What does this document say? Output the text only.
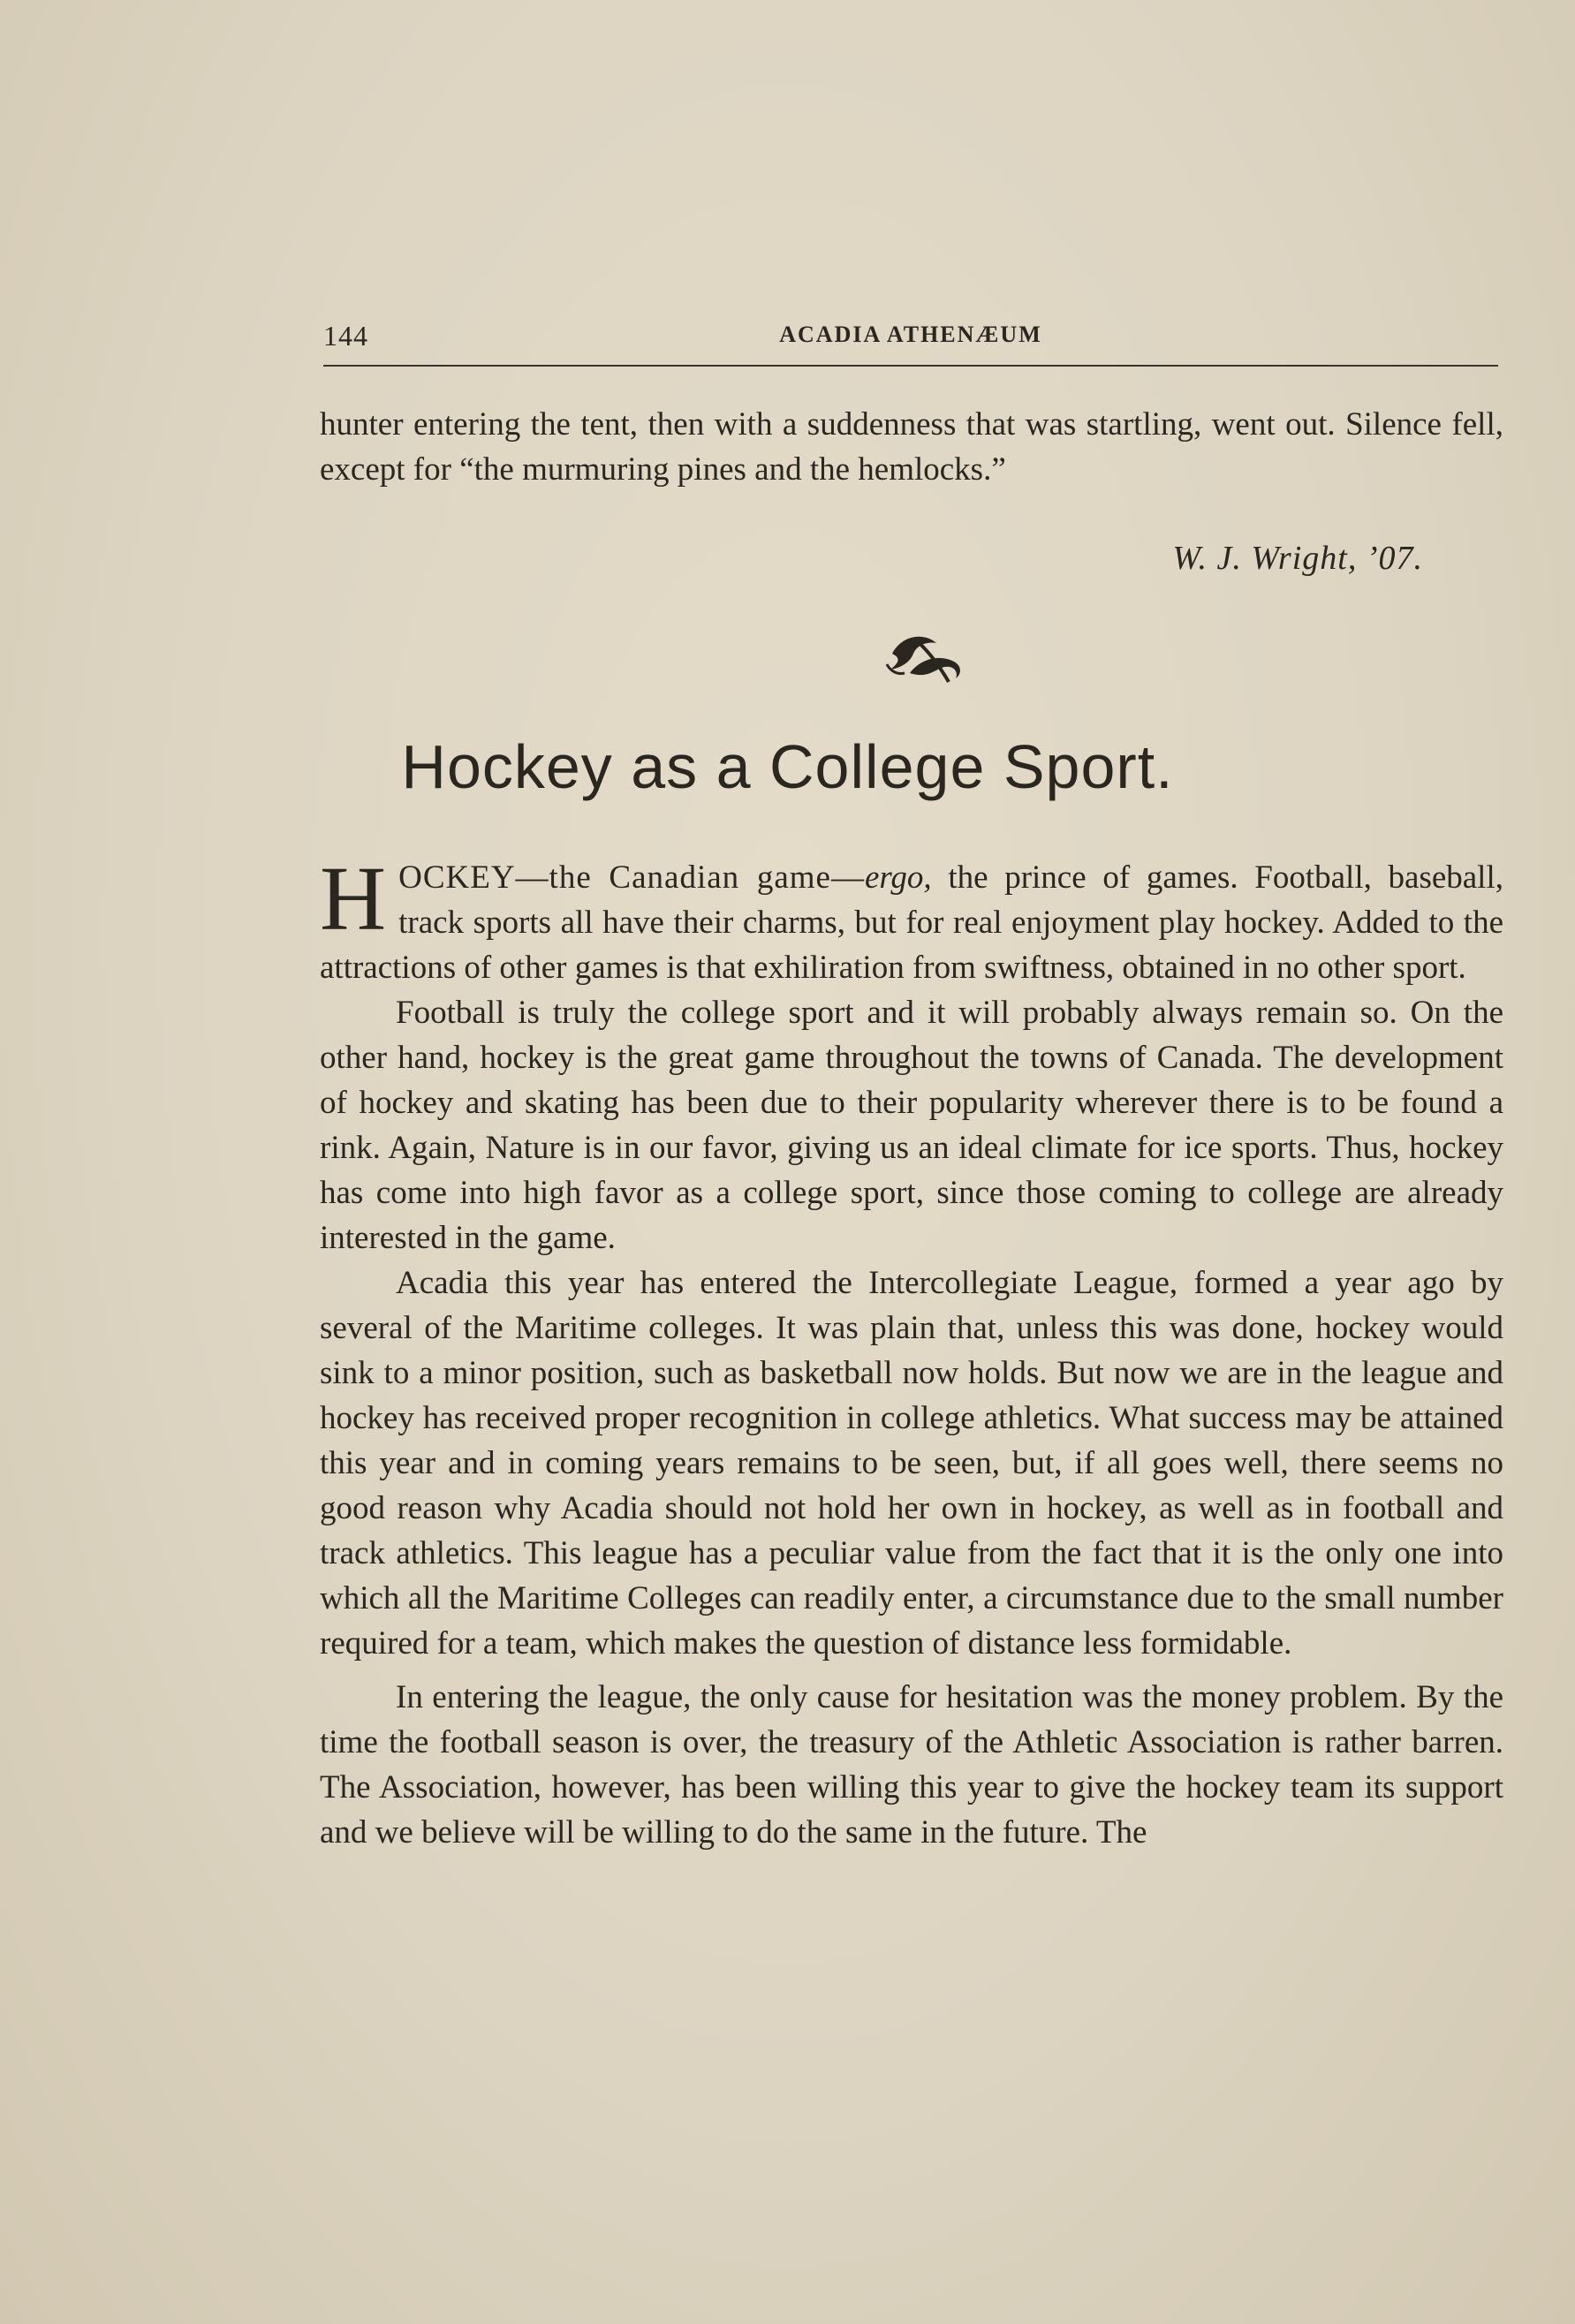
144	ACADIA ATHENÆUM
hunter entering the tent, then with a suddenness that was startling, went out. Silence fell, except for “the murmuring pines and the hemlocks.”
W. J. Wright, ’07.
Hockey as a College Sport.

HOCKEY—the Canadian game—ergo, the prince of games. Football, baseball, track sports all have their charms, but for real enjoyment play hockey. Added to the attractions of other games is that exhiliration from swiftness, obtained in no other sport.

Football is truly the college sport and it will probably always remain so. On the other hand, hockey is the great game throughout the towns of Canada. The development of hockey and skating has been due to their popularity wherever there is to be found a rink. Again, Nature is in our favor, giving us an ideal climate for ice sports. Thus, hockey has come into high favor as a college sport, since those coming to college are already interested in the game.

Acadia this year has entered the Intercollegiate League, formed a year ago by several of the Maritime colleges. It was plain that, unless this was done, hockey would sink to a minor position, such as basketball now holds. But now we are in the league and hockey has received proper recognition in college athletics. What success may be attained this year and in coming years remains to be seen, but, if all goes well, there seems no good reason why Acadia should not hold her own in hockey, as well as in football and track athletics. This league has a peculiar value from the fact that it is the only one into which all the Maritime Colleges can readily enter, a circumstance due to the small number required for a team, which makes the question of distance less formidable.

In entering the league, the only cause for hesitation was the money problem. By the time the football season is over, the treasury of the Athletic Association is rather barren. The Association, however, has been willing this year to give the hockey team its support and we believe will be willing to do the same in the future. The
